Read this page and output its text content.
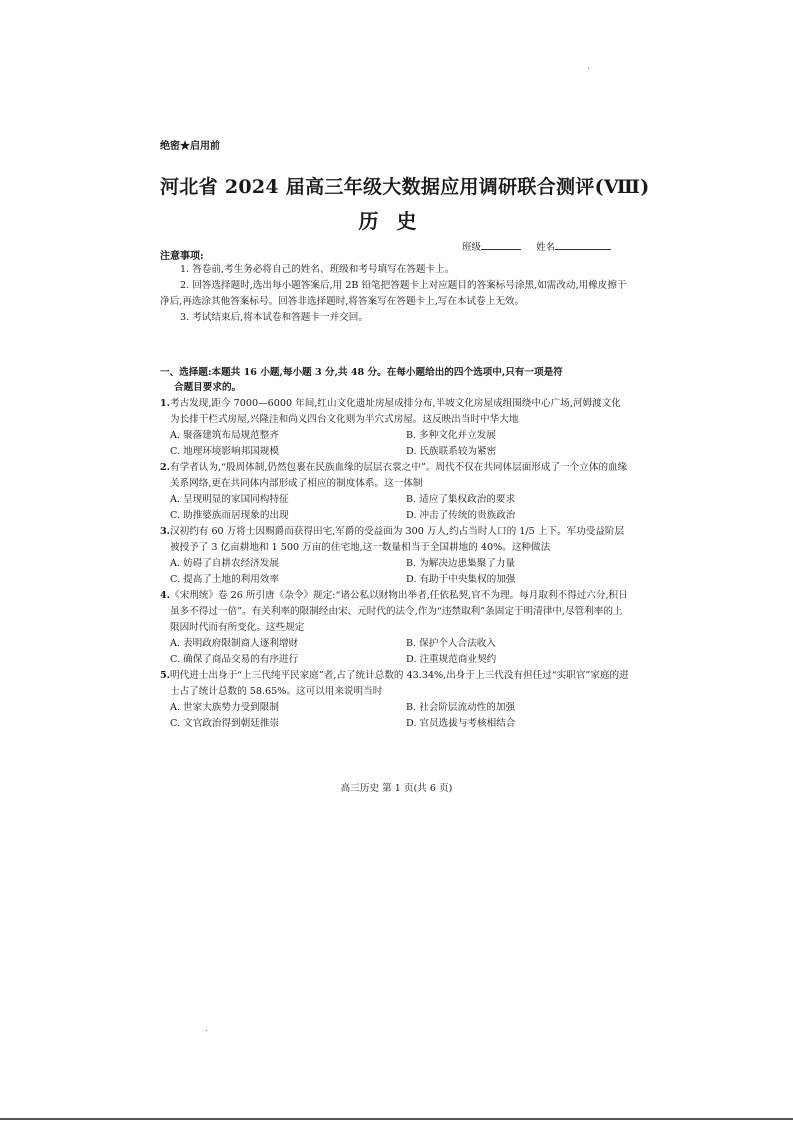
绝密★启用前
河北省 2024 届高三年级大数据应用调研联合测评(Ⅷ)
历史
班级	姓名
注意事项:

1. 答卷前,考生务必将自己的姓名、班级和考号填写在答题卡上。

2. 回答选择题时,选出每小题答案后,用 2B 铅笔把答题卡上对应题目的答案标号涂黑,如需改动,用橡皮擦干净后,再选涂其他答案标号。回答非选择题时,将答案写在答题卡上,写在本试卷上无效。

3. 考试结束后,将本试卷和答题卡一并交回。

一、选择题:本题共 16 小题,每小题 3 分,共 48 分。在每小题给出的四个选项中,只有一项是符
合题目要求的。

1.考古发现,距今 7000—6000 年间,红山文化遗址房屋成排分布,半坡文化房屋成组围绕中心广场,河姆渡文化为长排干栏式房屋,兴隆洼和尚义四台文化则为半穴式房屋。这反映出当时中华大地

A. 聚落建筑布局规范整齐	B. 多种文化并立发展
C. 地理环境影响邦国规模	D. 氏族联系较为紧密

2.有学者认为,“殷周体制,仍然包裹在民族血缘的层层衣裳之中”。周代不仅在共同体层面形成了一个立体的血缘关系网络,更在共同体内部形成了相应的制度体系。这一体制

A. 呈现明显的家国同构特征	B. 适应了集权政治的要求
C. 助推婆族而居现象的出现	D. 冲击了传统的贵族政治

3.汉初约有 60 万将士因赐爵而获得田宅,军爵的受益面为 300 万人,约占当时人口的 1/5 上下。军功受益阶层被授予了 3 亿亩耕地和 1 500 万亩的住宅地,这一数量相当于全国耕地的 40%。这种做法

A. 妨碍了自耕农经济发展	B. 为解决边患集聚了力量
C. 提高了土地的利用效率	D. 有助于中央集权的加强

4.《宋刑统》卷 26 所引唐《杂令》规定:“诸公私以财物出举者,任依私契,官不为理。每月取利不得过六分,积日虽多不得过一倍”。有关利率的限制经由宋、元时代的法令,作为“违禁取利”条固定于明清律中,尽管利率的上限因时代而有所变化。这些规定

A. 表明政府限制商人逐利增财	B. 保护个人合法收入
C. 确保了商品交易的有序进行	D. 注重规范商业契约

5.明代进士出身于“上三代纯平民家庭”者,占了统计总数的 43.34%,出身于上三代没有担任过“实职官”家庭的进士占了统计总数的 58.65%。这可以用来说明当时

A. 世家大族势力受到限制	B. 社会阶层流动性的加强
C. 文官政治得到朝廷推崇	D. 官员选拔与考核相结合
高三历史 第 1 页(共 6 页)
